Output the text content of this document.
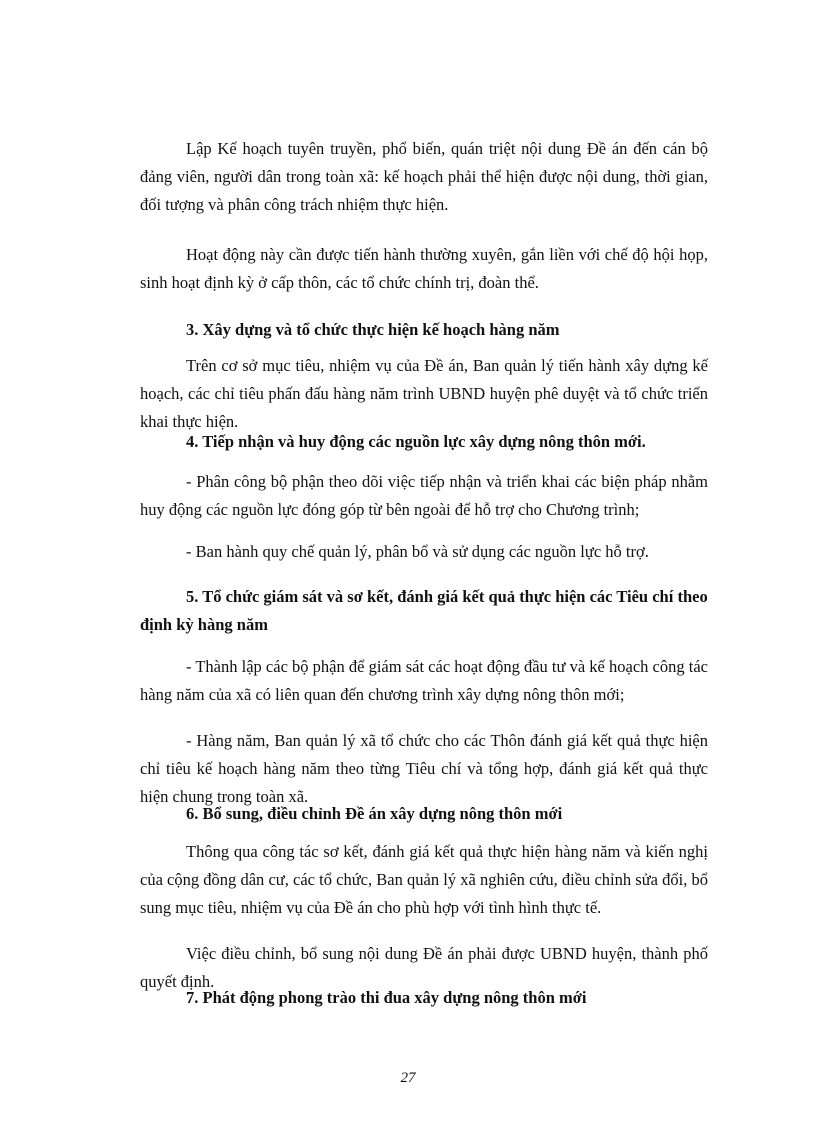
Lập Kế hoạch tuyên truyền, phổ biến, quán triệt nội dung Đề án đến cán bộ đảng viên, người dân trong toàn xã: kế hoạch phải thể hiện được nội dung, thời gian, đối tượng và phân công trách nhiệm thực hiện.

Hoạt động này cần được tiến hành thường xuyên, gắn liền với chế độ hội họp, sinh hoạt định kỳ ở cấp thôn, các tổ chức chính trị, đoàn thể.

3. Xây dựng và tổ chức thực hiện kế hoạch hàng năm

Trên cơ sở mục tiêu, nhiệm vụ của Đề án, Ban quản lý tiến hành xây dựng kế hoạch, các chỉ tiêu phấn đấu hàng năm trình UBND huyện phê duyệt và tổ chức triển khai thực hiện.

4. Tiếp nhận và huy động các nguồn lực xây dựng nông thôn mới.

- Phân công bộ phận theo dõi việc tiếp nhận và triển khai các biện pháp nhằm huy động các nguồn lực đóng góp từ bên ngoài để hỗ trợ cho Chương trình;

- Ban hành quy chế quản lý, phân bổ và sử dụng các nguồn lực hỗ trợ.

5. Tổ chức giám sát và sơ kết, đánh giá kết quả thực hiện các Tiêu chí theo định kỳ hàng năm

- Thành lập các bộ phận để giám sát các hoạt động đầu tư và kế hoạch công tác hàng năm của xã có liên quan đến chương trình xây dựng nông thôn mới;

- Hàng năm, Ban quản lý xã tổ chức cho các Thôn đánh giá kết quả thực hiện chỉ tiêu kế hoạch hàng năm theo từng Tiêu chí và tổng hợp, đánh giá kết quả thực hiện chung trong toàn xã.

6. Bổ sung, điều chỉnh Đề án xây dựng nông thôn mới

Thông qua công tác sơ kết, đánh giá kết quả thực hiện hàng năm và kiến nghị của cộng đồng dân cư, các tổ chức, Ban quản lý xã nghiên cứu, điều chỉnh sửa đổi, bổ sung mục tiêu, nhiệm vụ của Đề án cho phù hợp với tình hình thực tế.

Việc điều chỉnh, bổ sung nội dung Đề án phải được UBND huyện, thành phố quyết định.

7. Phát động phong trào thi đua xây dựng nông thôn mới

27
